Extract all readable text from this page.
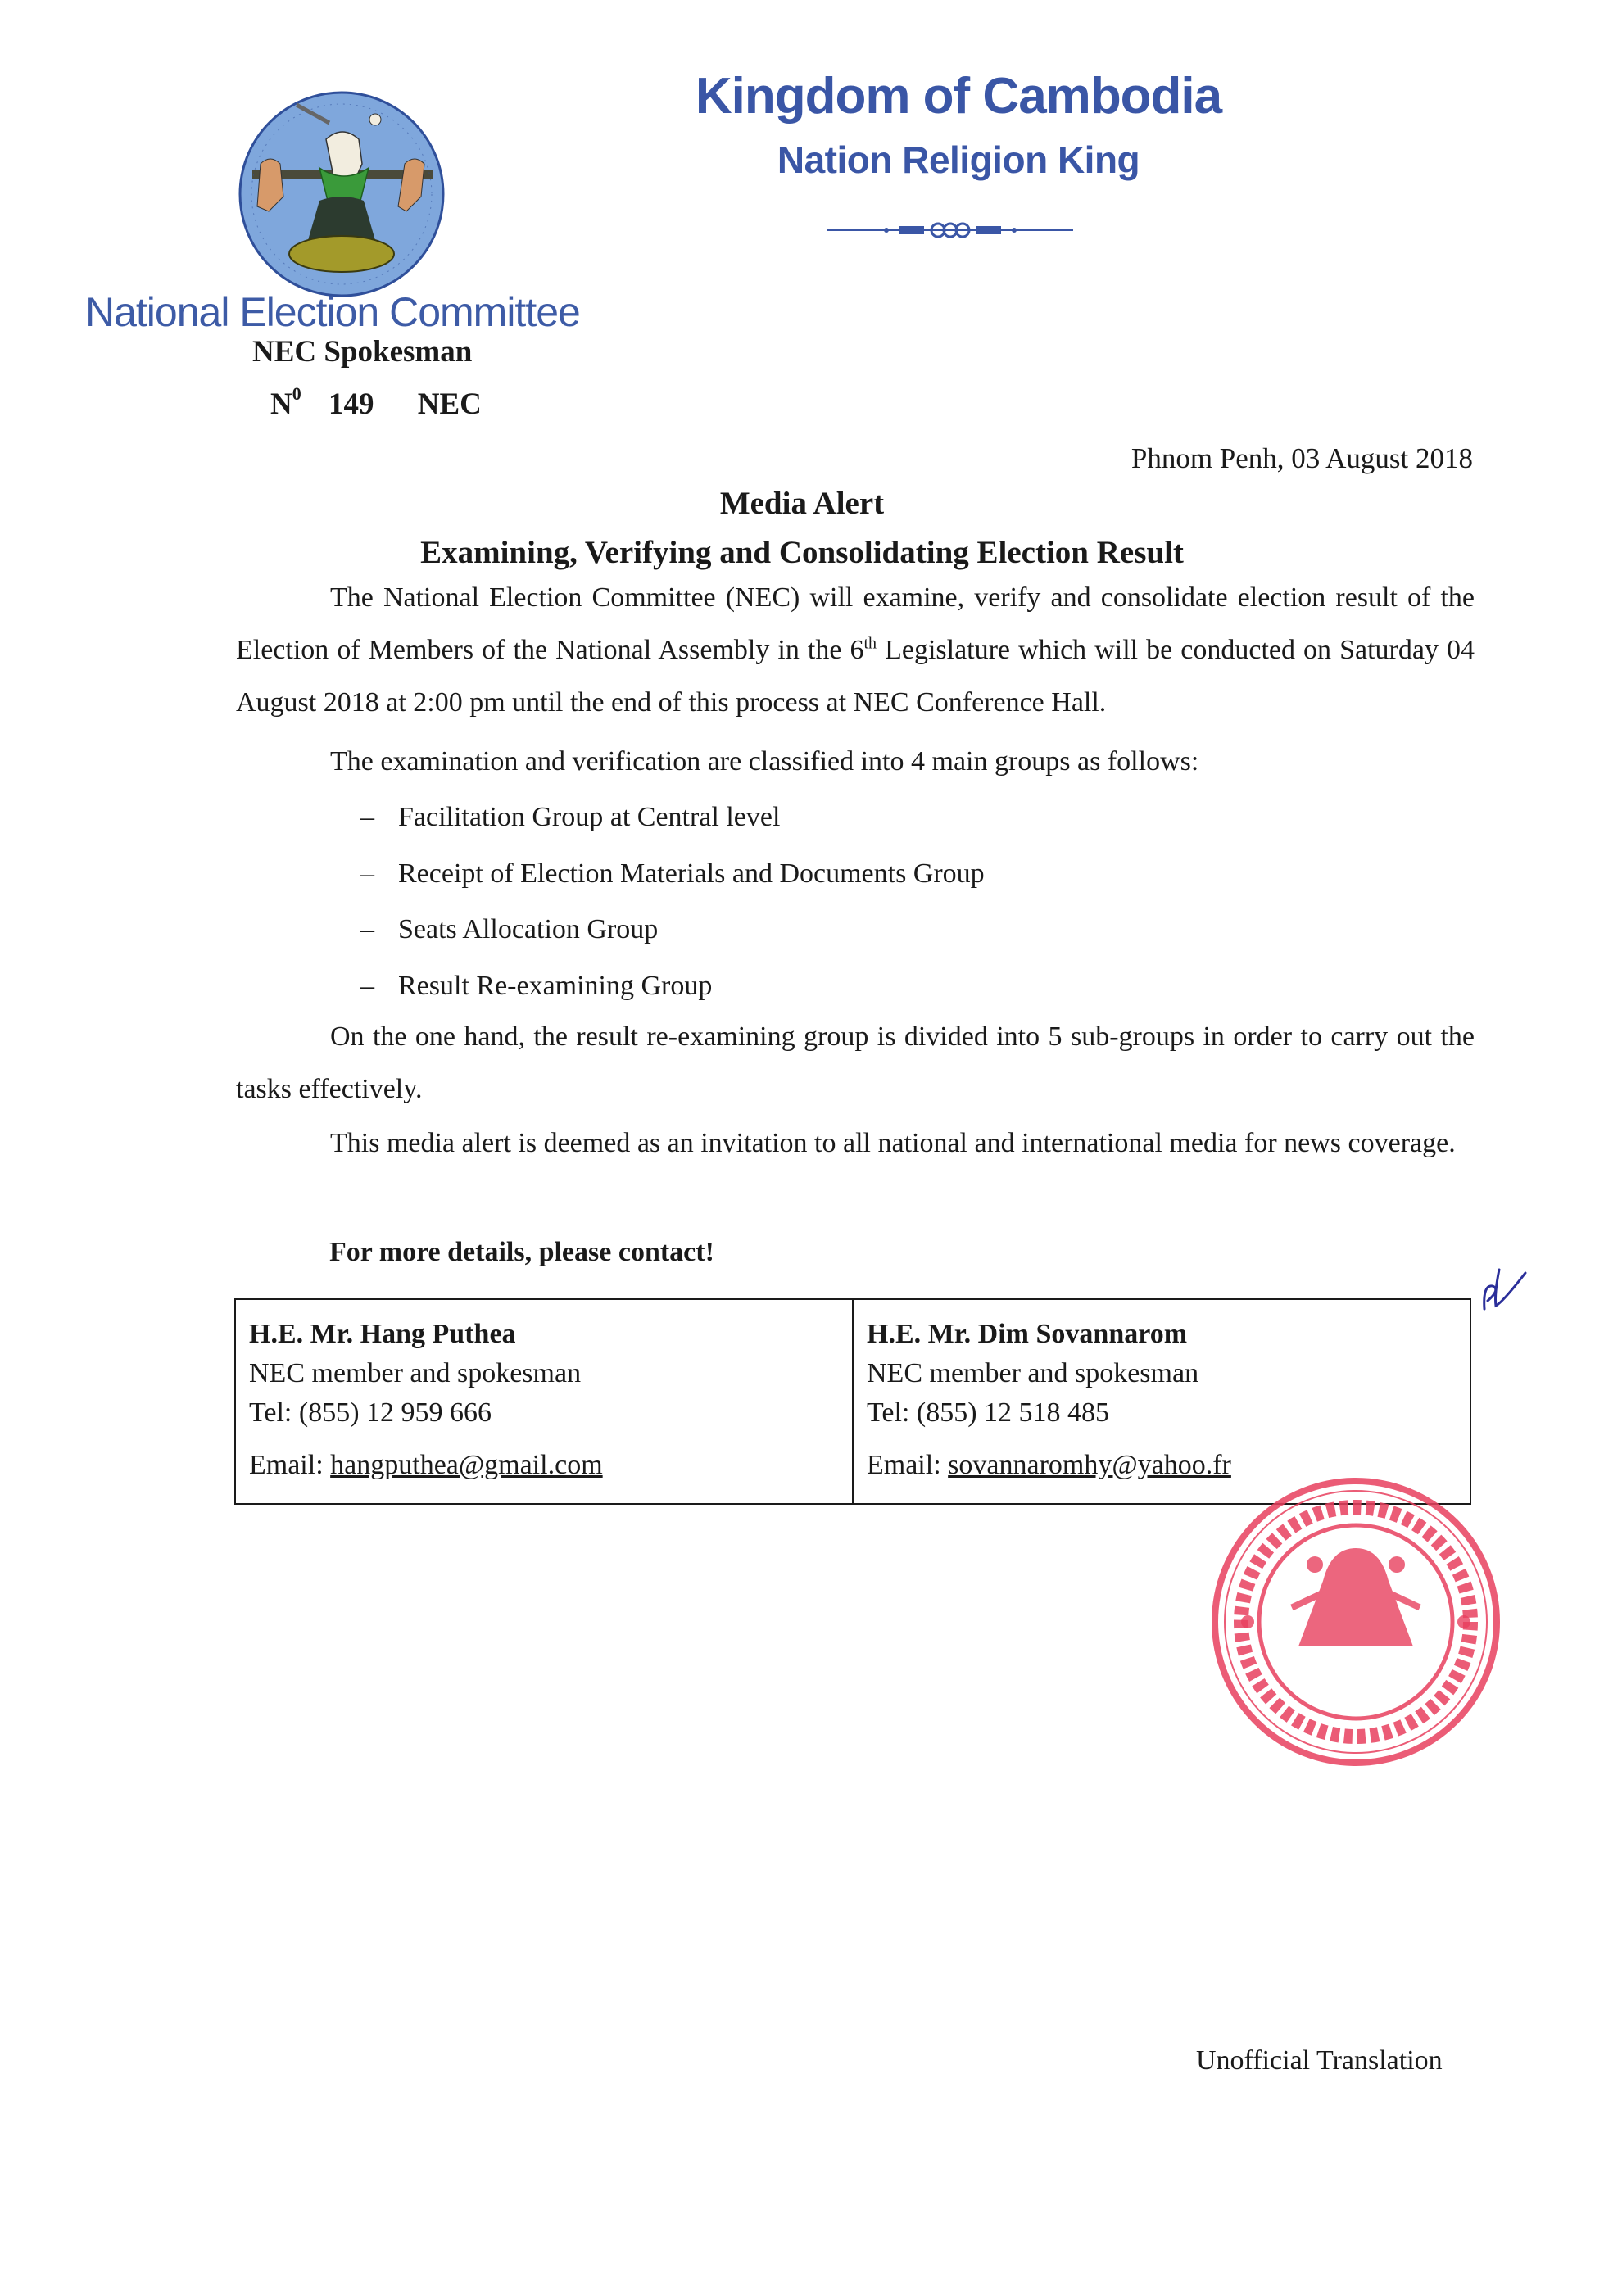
National Election Committee
NEC Spokesman
$N^0$ 149 NEC
Kingdom of Cambodia
Nation Religion King
Phnom Penh, 03 August 2018
Media Alert
Examining, Verifying and Consolidating Election Result
The National Election Committee (NEC) will examine, verify and consolidate election result of the Election of Members of the National Assembly in the 6th Legislature which will be conducted on Saturday 04 August 2018 at 2:00 pm until the end of this process at NEC Conference Hall.
The examination and verification are classified into 4 main groups as follows:
– Facilitation Group at Central level
– Receipt of Election Materials and Documents Group
– Seats Allocation Group
– Result Re-examining Group
On the one hand, the result re-examining group is divided into 5 sub-groups in order to carry out the tasks effectively.
This media alert is deemed as an invitation to all national and international media for news coverage.
For more details, please contact!
H.E. Mr. Hang Puthea
NEC member and spokesman
Tel: (855) 12 959 666
Email: hangputhea@gmail.com
H.E. Mr. Dim Sovannarom
NEC member and spokesman
Tel: (855) 12 518 485
Email: sovannaromhy@yahoo.fr
Unofficial Translation
